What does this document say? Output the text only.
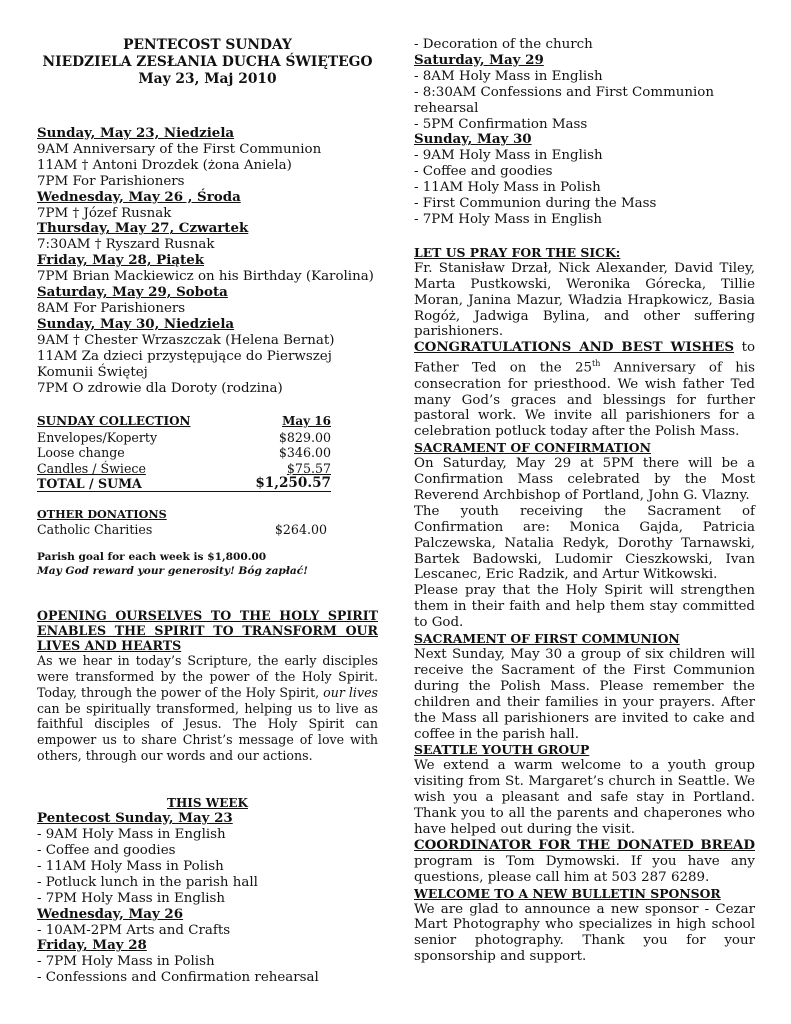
PENTECOST SUNDAY
NIEDZIELA ZESŁANIA DUCHA ŚWIĘTEGO
May 23, Maj 2010
Sunday, May 23, Niedziela
9AM Anniversary of the First Communion
11AM † Antoni Drozdek (żona Aniela)
7PM For Parishioners
Wednesday, May 26 , Środa
7PM † Józef Rusnak
Thursday, May 27, Czwartek
7:30AM † Ryszard Rusnak
Friday, May 28, Piątek
7PM Brian Mackiewicz on his Birthday (Karolina)
Saturday, May 29, Sobota
8AM For Parishioners
Sunday, May 30, Niedziela
9AM † Chester Wrzaszczak (Helena Bernat)
11AM Za dzieci przystępujące do Pierwszej
Komunii Świętej
7PM O zdrowie dla Doroty (rodzina)
SUNDAY COLLECTION	May 16
Envelopes/Koperty	$829.00
Loose change	$346.00
Candles / Świece	$75.57
TOTAL / SUMA	$1,250.57
OTHER DONATIONS
Catholic Charities	$264.00
Parish goal for each week is $1,800.00
May God reward your generosity! Bóg zapłać!
OPENING OURSELVES TO THE HOLY SPIRIT ENABLES THE SPIRIT TO TRANSFORM OUR LIVES AND HEARTS
As we hear in today’s Scripture, the early disciples were transformed by the power of the Holy Spirit. Today, through the power of the Holy Spirit, our lives can be spiritually transformed, helping us to live as faithful disciples of Jesus. The Holy Spirit can empower us to share Christ’s message of love with others, through our words and our actions.
THIS WEEK
Pentecost Sunday, May 23
- 9AM Holy Mass in English
- Coffee and goodies
- 11AM Holy Mass in Polish
- Potluck lunch in the parish hall
- 7PM Holy Mass in English
Wednesday, May 26
- 10AM-2PM Arts and Crafts
Friday, May 28
- 7PM Holy Mass in Polish
- Confessions and Confirmation rehearsal
- Decoration of the church
Saturday, May 29
- 8AM Holy Mass in English
- 8:30AM Confessions and First Communion
rehearsal
- 5PM Confirmation Mass
Sunday, May 30
- 9AM Holy Mass in English
- Coffee and goodies
- 11AM Holy Mass in Polish
- First Communion during the Mass
- 7PM Holy Mass in English
LET US PRAY FOR THE SICK:
Fr. Stanisław Drzał, Nick Alexander, David Tiley, Marta Pustkowski, Weronika Górecka, Tillie Moran, Janina Mazur, Władzia Hrapkowicz, Basia Rogóż, Jadwiga Bylina, and other suffering parishioners.
CONGRATULATIONS AND BEST WISHES to Father Ted on the 25th Anniversary of his consecration for priesthood. We wish father Ted many God’s graces and blessings for further pastoral work. We invite all parishioners for a celebration potluck today after the Polish Mass.
SACRAMENT OF CONFIRMATION
On Saturday, May 29 at 5PM there will be a Confirmation Mass celebrated by the Most Reverend Archbishop of Portland, John G. Vlazny.
The youth receiving the Sacrament of Confirmation are: Monica Gajda, Patricia Palczewska, Natalia Redyk, Dorothy Tarnawski, Bartek Badowski, Ludomir Cieszkowski, Ivan Lescanec, Eric Radzik, and Artur Witkowski.
Please pray that the Holy Spirit will strengthen them in their faith and help them stay committed to God.
SACRAMENT OF FIRST COMMUNION
Next Sunday, May 30 a group of six children will receive the Sacrament of the First Communion during the Polish Mass. Please remember the children and their families in your prayers. After the Mass all parishioners are invited to cake and coffee in the parish hall.
SEATTLE YOUTH GROUP
We extend a warm welcome to a youth group visiting from St. Margaret’s church in Seattle. We wish you a pleasant and safe stay in Portland. Thank you to all the parents and chaperones who have helped out during the visit.
COORDINATOR FOR THE DONATED BREAD program is Tom Dymowski. If you have any questions, please call him at 503 287 6289.
WELCOME TO A NEW BULLETIN SPONSOR
We are glad to announce a new sponsor - Cezar Mart Photography who specializes in high school senior photography. Thank you for your sponsorship and support.
